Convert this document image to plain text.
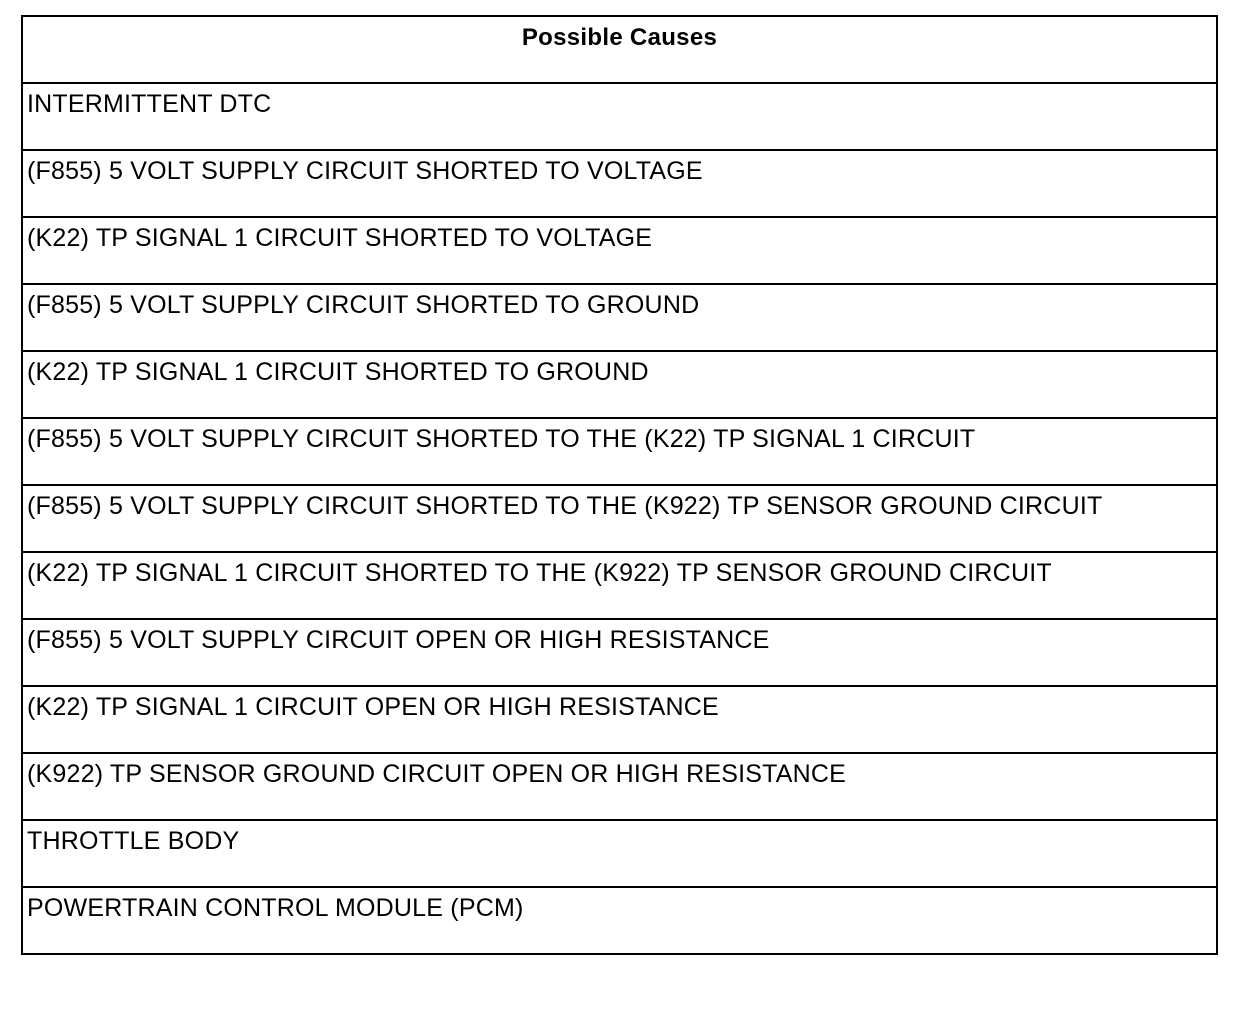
Possible Causes
INTERMITTENT DTC
(F855) 5 VOLT SUPPLY CIRCUIT SHORTED TO VOLTAGE
(K22) TP SIGNAL 1 CIRCUIT SHORTED TO VOLTAGE
(F855) 5 VOLT SUPPLY CIRCUIT SHORTED TO GROUND
(K22) TP SIGNAL 1 CIRCUIT SHORTED TO GROUND
(F855) 5 VOLT SUPPLY CIRCUIT SHORTED TO THE (K22) TP SIGNAL 1 CIRCUIT
(F855) 5 VOLT SUPPLY CIRCUIT SHORTED TO THE (K922) TP SENSOR GROUND CIRCUIT
(K22) TP SIGNAL 1 CIRCUIT SHORTED TO THE (K922) TP SENSOR GROUND CIRCUIT
(F855) 5 VOLT SUPPLY CIRCUIT OPEN OR HIGH RESISTANCE
(K22) TP SIGNAL 1 CIRCUIT OPEN OR HIGH RESISTANCE
(K922) TP SENSOR GROUND CIRCUIT OPEN OR HIGH RESISTANCE
THROTTLE BODY
POWERTRAIN CONTROL MODULE (PCM)
